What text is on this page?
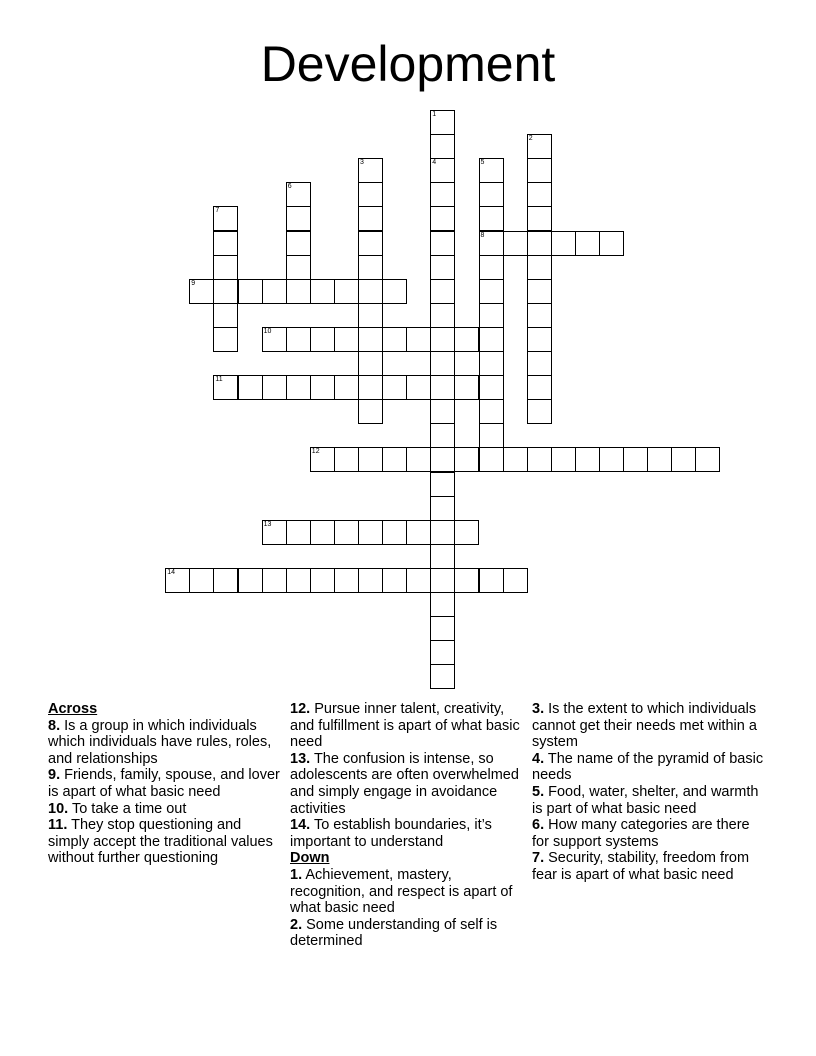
Development
1
4
2
3	5
8
6
7
9
10
11
12
13
14
Across
8. Is a group in which individuals which individuals have rules, roles, and relationships
9. Friends, family, spouse, and lover is apart of what basic need
10. To take a time out
11. They stop questioning and simply accept the traditional values without further questioning
12. Pursue inner talent, creativity, and fulfillment is apart of what basic need
13. The confusion is intense, so adolescents are often overwhelmed and simply engage in avoidance activities
14. To establish boundaries, it’s important to understand
Down
1. Achievement, mastery, recognition, and respect is apart of what basic need
2. Some understanding of self is determined
3. Is the extent to which individuals cannot get their needs met within a system
4. The name of the pyramid of basic needs
5. Food, water, shelter, and warmth is part of what basic need
6. How many categories are there for support systems
7. Security, stability, freedom from fear is apart of what basic need
